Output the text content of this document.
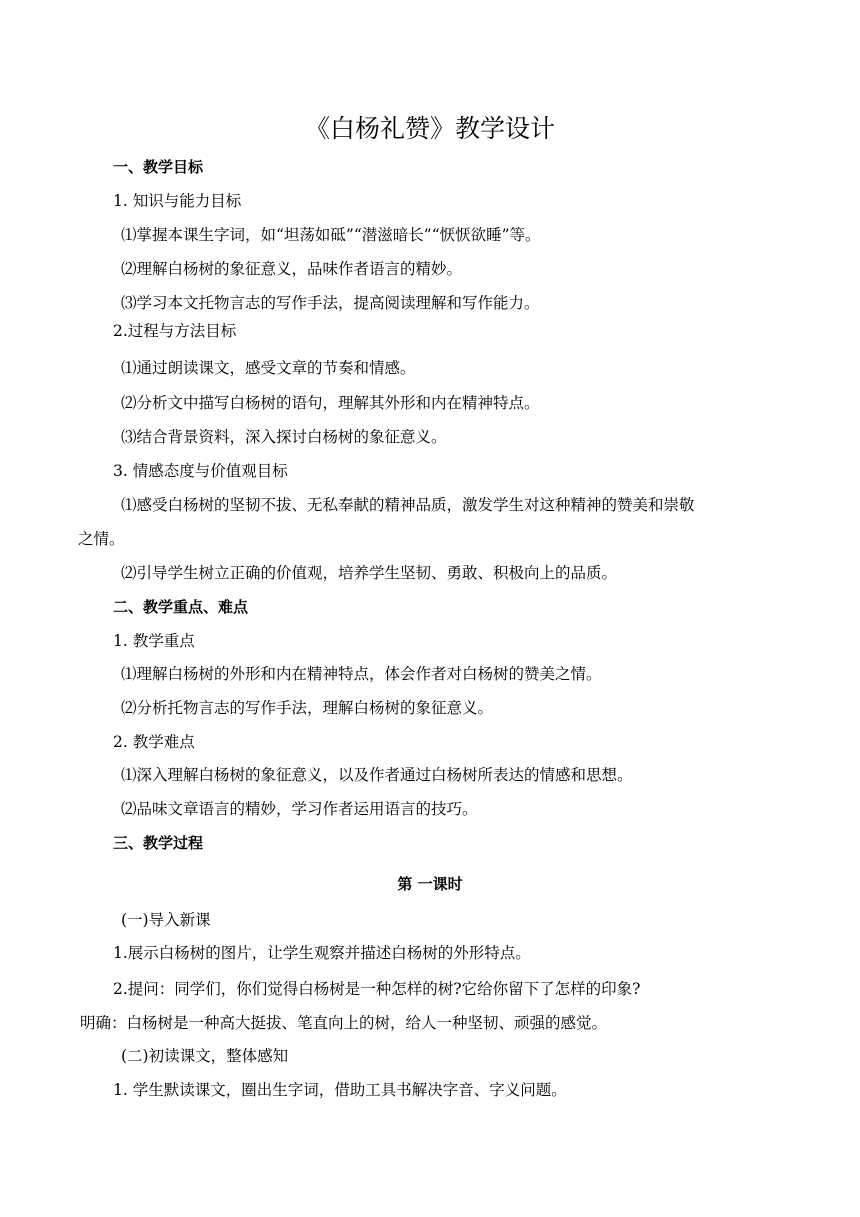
《白杨礼赞》教学设计
一、教学目标
1. 知识与能力目标
⑴掌握本课生字词，如“坦荡如砥”“潜滋暗长”“恹恹欲睡”等。
⑵理解白杨树的象征意义，品味作者语言的精妙。
⑶学习本文托物言志的写作手法，提高阅读理解和写作能力。
2.过程与方法目标
⑴通过朗读课文，感受文章的节奏和情感。
⑵分析文中描写白杨树的语句，理解其外形和内在精神特点。
⑶结合背景资料，深入探讨白杨树的象征意义。
3. 情感态度与价值观目标
⑴感受白杨树的坚韧不拔、无私奉献的精神品质，激发学生对这种精神的赞美和崇敬
之情。
⑵引导学生树立正确的价值观，培养学生坚韧、勇敢、积极向上的品质。
二、教学重点、难点
1. 教学重点
⑴理解白杨树的外形和内在精神特点，体会作者对白杨树的赞美之情。
⑵分析托物言志的写作手法，理解白杨树的象征意义。
2. 教学难点
⑴深入理解白杨树的象征意义，以及作者通过白杨树所表达的情感和思想。
⑵品味文章语言的精妙，学习作者运用语言的技巧。
三、教学过程
第 一课时
(一)导入新课
1.展示白杨树的图片，让学生观察并描述白杨树的外形特点。
2.提问：同学们，你们觉得白杨树是一种怎样的树?它给你留下了怎样的印象?
明确：白杨树是一种高大挺拔、笔直向上的树，给人一种坚韧、顽强的感觉。
(二)初读课文，整体感知
1. 学生默读课文，圈出生字词，借助工具书解决字音、字义问题。
